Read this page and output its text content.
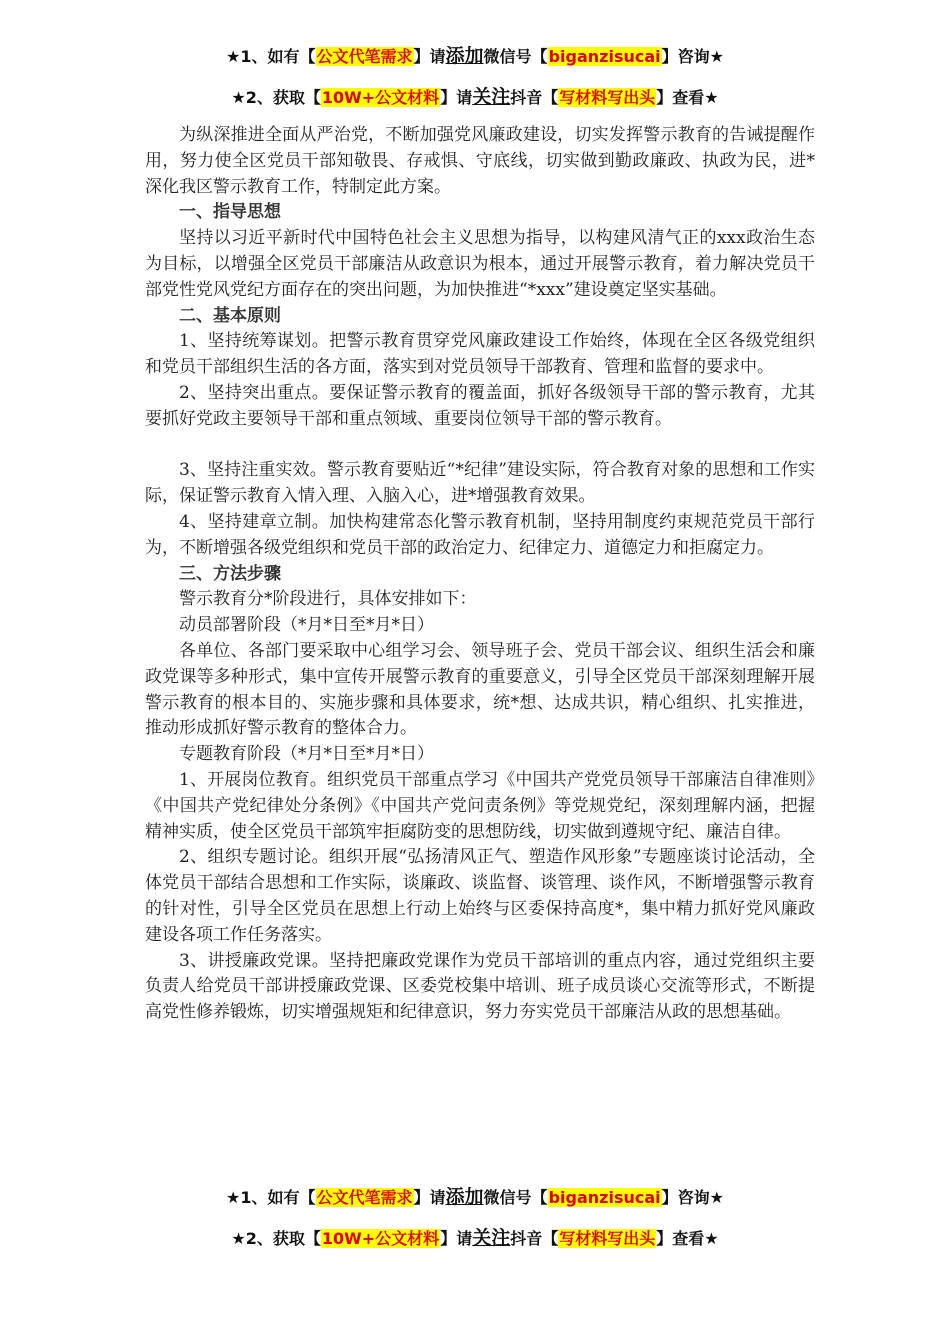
★1、如有【公文代笔需求】请添加微信号【biganzisucai】咨询★
★2、获取【10W+公文材料】请关注抖音【写材料写出头】查看★

为纵深推进全面从严治党，不断加强党风廉政建设，切实发挥警示教育的告诫提醒作用，努力使全区党员干部知敬畏、存戒惧、守底线，切实做到勤政廉政、执政为民，进*深化我区警示教育工作，特制定此方案。

一、指导思想

坚持以习近平新时代中国特色社会主义思想为指导，以构建风清气正的xxx政治生态为目标，以增强全区党员干部廉洁从政意识为根本，通过开展警示教育，着力解决党员干部党性党风党纪方面存在的突出问题，为加快推进“*xxx”建设奠定坚实基础。

二、基本原则

1、坚持统筹谋划。把警示教育贯穿党风廉政建设工作始终，体现在全区各级党组织和党员干部组织生活的各方面，落实到对党员领导干部教育、管理和监督的要求中。

2、坚持突出重点。要保证警示教育的覆盖面，抓好各级领导干部的警示教育，尤其要抓好党政主要领导干部和重点领域、重要岗位领导干部的警示教育。

3、坚持注重实效。警示教育要贴近“*纪律”建设实际，符合教育对象的思想和工作实际，保证警示教育入情入理、入脑入心，进*增强教育效果。

4、坚持建章立制。加快构建常态化警示教育机制，坚持用制度约束规范党员干部行为，不断增强各级党组织和党员干部的政治定力、纪律定力、道德定力和拒腐定力。

三、方法步骤

警示教育分*阶段进行，具体安排如下：

动员部署阶段（*月*日至*月*日）

各单位、各部门要采取中心组学习会、领导班子会、党员干部会议、组织生活会和廉政党课等多种形式，集中宣传开展警示教育的重要意义，引导全区党员干部深刻理解开展警示教育的根本目的、实施步骤和具体要求，统*想、达成共识，精心组织、扎实推进，推动形成抓好警示教育的整体合力。

专题教育阶段（*月*日至*月*日）

1、开展岗位教育。组织党员干部重点学习《中国共产党党员领导干部廉洁自律准则》《中国共产党纪律处分条例》《中国共产党问责条例》等党规党纪，深刻理解内涵，把握精神实质，使全区党员干部筑牢拒腐防变的思想防线，切实做到遵规守纪、廉洁自律。

2、组织专题讨论。组织开展“弘扬清风正气、塑造作风形象”专题座谈讨论活动，全体党员干部结合思想和工作实际，谈廉政、谈监督、谈管理、谈作风，不断增强警示教育的针对性，引导全区党员在思想上行动上始终与区委保持高度*，集中精力抓好党风廉政建设各项工作任务落实。

3、讲授廉政党课。坚持把廉政党课作为党员干部培训的重点内容，通过党组织主要负责人给党员干部讲授廉政党课、区委党校集中培训、班子成员谈心交流等形式，不断提高党性修养锻炼，切实增强规矩和纪律意识，努力夯实党员干部廉洁从政的思想基础。

★1、如有【公文代笔需求】请添加微信号【biganzisucai】咨询★
★2、获取【10W+公文材料】请关注抖音【写材料写出头】查看★
